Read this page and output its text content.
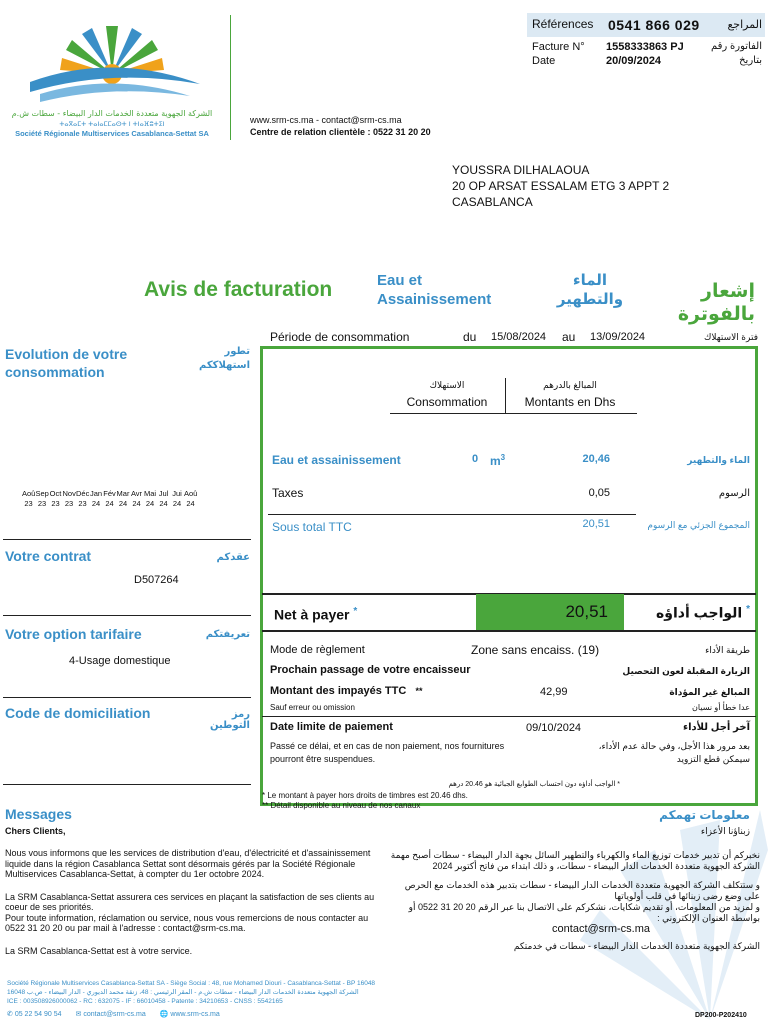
الشركة الجهوية متعددة الخدمات الدار البيضاء - سطات ش.م
ⵜⴰⴳⴰⵎⵜ ⵜⴰⵏⴰⵎⵎⴰⵙⵜ ⵏ ⵜⵏⴰⴼⵓⵜⵉⵏ
Société Régionale Multiservices Casablanca-Settat SA
www.srm-cs.ma - contact@srm-cs.ma
Centre de relation clientèle : 0522 31 20 20
Références 0541 866 029	المراجع
Facture N° 1558333863 PJ	الفاتورة رقم
Date	20/09/2024	بتاريخ
YOUSSRA DILHALAOUA
20 OP ARSAT ESSALAM ETG 3 APPT 2
CASABLANCA
Avis de facturation	Eau et
Assainissement
الماء
والتطهير	إشعار بالفوترة
Période de consommation	du 15/08/2024 au 13/09/2024	فترة الاستهلاك
Evolution de votre consommation
تطور استهلاككم
Aoû
23
Sep
23
Oct
23
Nov
23
Déc
23
Jan
24
Fév
24
Mar
24
Avr
24
Mai
24
Jul
24
Jui
24
Aoû
24
Votre contrat	عقدكم
D507264
Votre option tarifaire	تعريفتكم
4-Usage domestique
Code de domiciliation	رمز التوطين
الاستهلاك
Consommation
المبالغ بالدرهم
Montants en Dhs
Eau et assainissement	0 $m^3$	20,46	الماء والتطهير
Taxes	0,05	الرسوم
Sous total TTC	20,51	المجموع الجزئي مع الرسوم
Net à payer *	20,51	* الواجب أداؤه
Mode de règlement	Zone sans encaiss. (19)	طريقة الأداء
Prochain passage de votre encaisseur	الزيارة المقبلة لعون التحصيل
Montant des impayés TTC **	42,99	المبالغ غير المؤداة
Sauf erreur ou omission	عدا خطأ أو نسيان
Date limite de paiement	09/10/2024	آخر أجل للأداء
Passé ce délai, et en cas de non paiement, nos fournitures
pourront être suspendues.
بعد مرور هذا الأجل، وفي حالة عدم الأداء،
سيمكن قطع التزويد
* الواجب أداؤه دون احتساب الطوابع الجبائية هو 20.46 درهم
* Le montant à payer hors droits de timbres est 20.46 dhs.
** Détail disponible au niveau de nos canaux
Messages	معلومات تهمكم
Chers Clients,	زبناؤنا الأعزاء

Nous vous informons que les services de distribution d'eau, d'électricité et d'assainissement liquide dans la région Casablanca Settat sont désormais gérés par la Société Régionale Multiservices Casablanca-Settat, à compter du 1er octobre 2024.

La SRM Casablanca-Settat assurera ces services en plaçant la satisfaction de ses clients au coeur de ses priorités.

Pour toute information, réclamation ou service, nous vous remercions de nous contacter au 0522 31 20 20 ou par mail à l'adresse : contact@srm-cs.ma.

La SRM Casablanca-Settat est à votre service.

نخبركم أن تدبير خدمات توزيع الماء والكهرباء والتطهير السائل بجهة الدار البيضاء - سطات أصبح مهمة الشركة الجهوية متعددة الخدمات الدار البيضاء - سطات، و ذلك ابتداء من فاتح أكتوبر 2024

و ستتكلف الشركة الجهوية متعددة الخدمات الدار البيضاء - سطات بتدبير هذه الخدمات مع الحرص على وضع رضى زبنائها في قلب أولوياتها

و لمزيد من المعلومات، أو تقديم شكايات، نشكركم على الاتصال بنا عبر الرقم 20 20 31 0522 أو بواسطة العنوان الإلكتروني :

contact@srm-cs.ma

الشركة الجهوية متعددة الخدمات الدار البيضاء - سطات في خدمتكم

Société Régionale Multiservices Casablanca-Settat SA - Siège Social : 48, rue Mohamed Diouri - Casablanca-Settat - BP 16048
الشركة الجهوية متعددة الخدمات الدار البيضاء - سطات ش.م - المقر الرئيسي : 48، زنقة محمد الديوري - الدار البيضاء - ص.ب 16048
ICE : 003508926000062 - RC : 632075 - IF : 66010458 - Patente : 34210653 - CNSS : 5542165
✆ 05 22 54 90 54 ✉ contact@srm-cs.ma 🌐 www.srm-cs.ma	DP200-P202410
